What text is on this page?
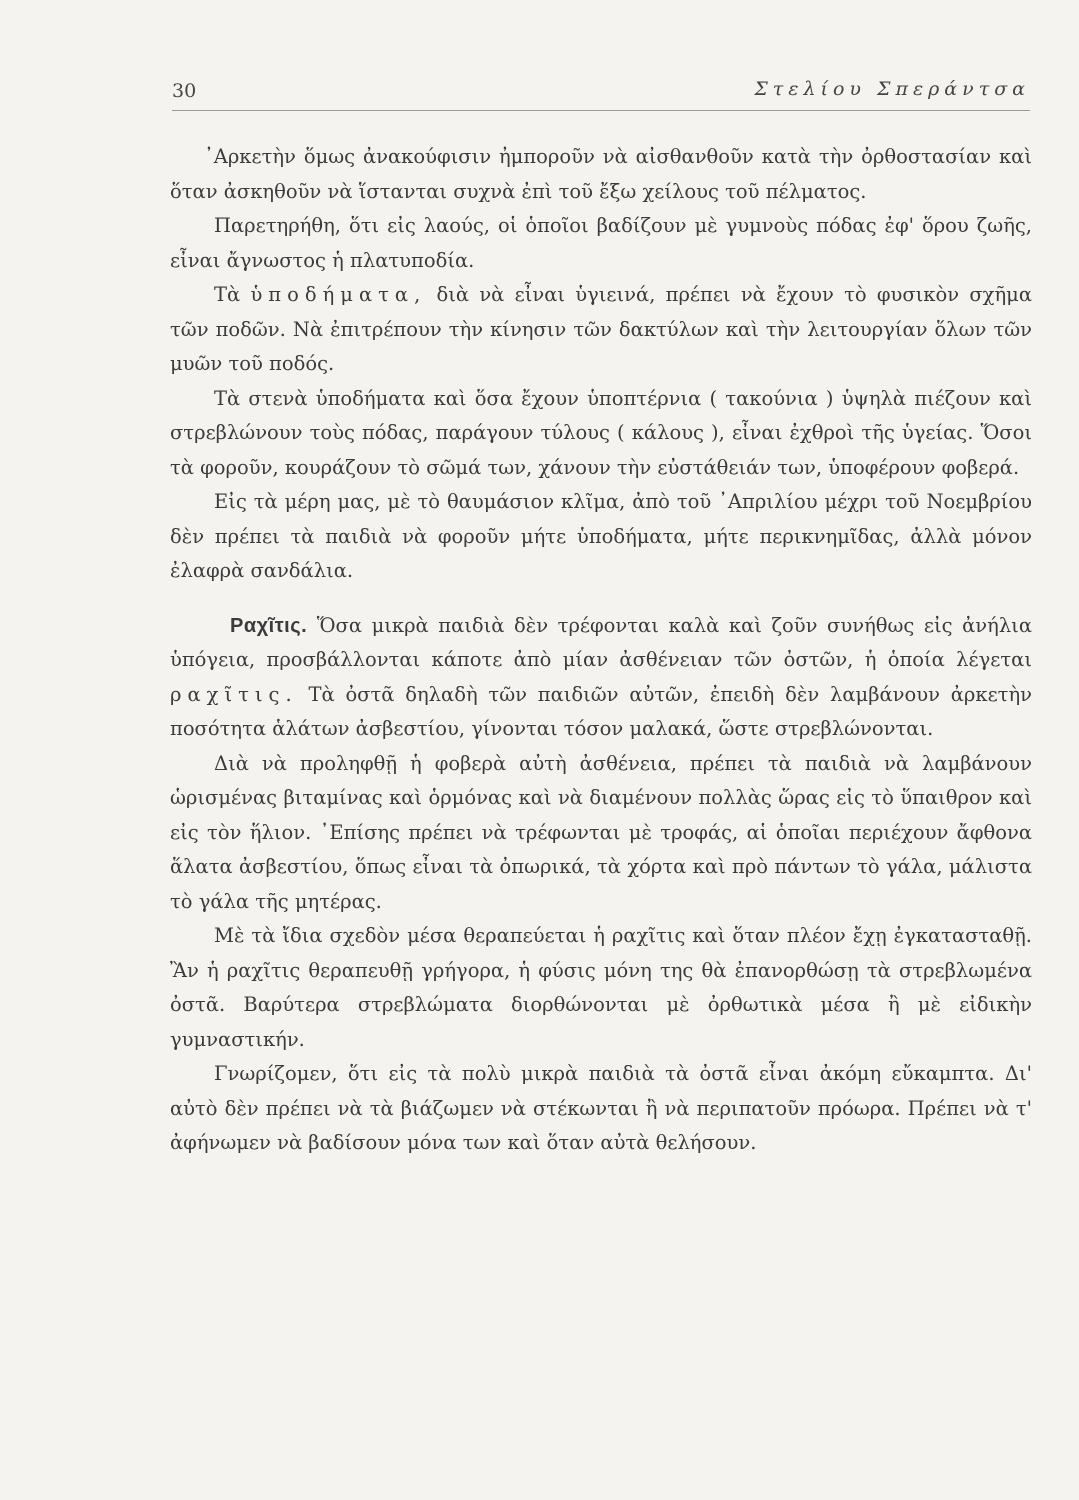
30	Στελίου Σπεράντσα

᾿Αρκετὴν ὅμως ἀνακούφισιν ἠμποροῦν νὰ αἰσθανθοῦν κατὰ τὴν ὀρθοστασίαν καὶ ὅταν ἀσκηθοῦν νὰ ἵστανται συχνὰ ἐπὶ τοῦ ἔξω χείλους τοῦ πέλματος.

Παρετηρήθη, ὅτι εἰς λαούς, οἱ ὁποῖοι βαδίζουν μὲ γυμνοὺς πόδας ἐφ' ὅρου ζωῆς, εἶναι ἄγνωστος ἡ πλατυποδία.

Τὰ ὑποδήματα, διὰ νὰ εἶναι ὑγιεινά, πρέπει νὰ ἔχουν τὸ φυσικὸν σχῆμα τῶν ποδῶν. Νὰ ἐπιτρέπουν τὴν κίνησιν τῶν δακτύλων καὶ τὴν λειτουργίαν ὅλων τῶν μυῶν τοῦ ποδός.

Τὰ στενὰ ὑποδήματα καὶ ὅσα ἔχουν ὑποπτέρνια ( τακούνια ) ὑψηλὰ πιέζουν καὶ στρεβλώνουν τοὺς πόδας, παράγουν τύλους ( κάλους ), εἶναι ἐχθροὶ τῆς ὑγείας. Ὅσοι τὰ φοροῦν, κουράζουν τὸ σῶμά των, χάνουν τὴν εὐστάθειάν των, ὑποφέρουν φοβερά.

Εἰς τὰ μέρη μας, μὲ τὸ θαυμάσιον κλῖμα, ἀπὸ τοῦ ᾿Απριλίου μέχρι τοῦ Νοεμβρίου δὲν πρέπει τὰ παιδιὰ νὰ φοροῦν μήτε ὑποδήματα, μήτε περικνημῖδας, ἀλλὰ μόνον ἐλαφρὰ σανδάλια.

Ραχῖτις. Ὅσα μικρὰ παιδιὰ δὲν τρέφονται καλὰ καὶ ζοῦν συνήθως εἰς ἀνήλια ὑπόγεια, προσβάλλονται κάποτε ἀπὸ μίαν ἀσθένειαν τῶν ὀστῶν, ἡ ὁποία λέγεται ραχῖτις. Τὰ ὀστᾶ δηλαδὴ τῶν παιδιῶν αὐτῶν, ἐπειδὴ δὲν λαμβάνουν ἀρκετὴν ποσότητα ἁλάτων ἀσβεστίου, γίνονται τόσον μαλακά, ὥστε στρεβλώνονται.

Διὰ νὰ προληφθῇ ἡ φοβερὰ αὐτὴ ἀσθένεια, πρέπει τὰ παιδιὰ νὰ λαμβάνουν ὡρισμένας βιταμίνας καὶ ὁρμόνας καὶ νὰ διαμένουν πολλὰς ὥρας εἰς τὸ ὕπαιθρον καὶ εἰς τὸν ἥλιον. ᾿Επίσης πρέπει νὰ τρέφωνται μὲ τροφάς, αἱ ὁποῖαι περιέχουν ἄφθονα ἅλατα ἀσβεστίου, ὅπως εἶναι τὰ ὀπωρικά, τὰ χόρτα καὶ πρὸ πάντων τὸ γάλα, μάλιστα τὸ γάλα τῆς μητέρας.

Μὲ τὰ ἴδια σχεδὸν μέσα θεραπεύεται ἡ ραχῖτις καὶ ὅταν πλέον ἔχῃ ἐγκατασταθῇ. Ἂν ἡ ραχῖτις θεραπευθῇ γρήγορα, ἡ φύσις μόνη της θὰ ἐπανορθώσῃ τὰ στρεβλωμένα ὀστᾶ. Βαρύτερα στρεβλώματα διορθώνονται μὲ ὀρθωτικὰ μέσα ἢ μὲ εἰδικὴν γυμναστικήν.

Γνωρίζομεν, ὅτι εἰς τὰ πολὺ μικρὰ παιδιὰ τὰ ὀστᾶ εἶναι ἀκόμη εὔκαμπτα. Δι' αὐτὸ δὲν πρέπει νὰ τὰ βιάζωμεν νὰ στέκωνται ἢ νὰ περιπατοῦν πρόωρα. Πρέπει νὰ τ' ἀφήνωμεν νὰ βαδίσουν μόνα των καὶ ὅταν αὐτὰ θελήσουν.
